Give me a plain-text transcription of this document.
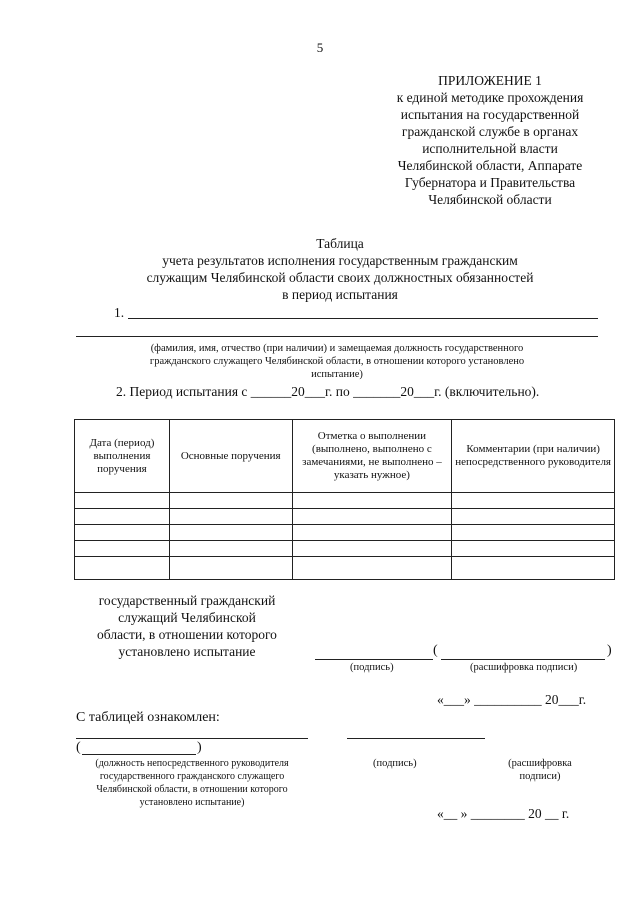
5
ПРИЛОЖЕНИЕ 1
к единой методике прохождения
испытания на государственной
гражданской службе в органах
исполнительной власти
Челябинской области, Аппарате
Губернатора и Правительства
Челябинской области
Таблица
учета результатов исполнения государственным гражданским
служащим Челябинской области своих должностных обязанностей
в период испытания
1.
(фамилия, имя, отчество (при наличии) и замещаемая должность государственного
гражданского служащего Челябинской области, в отношении которого установлено
испытание)
2. Период испытания с ______20___г. по _______20___г. (включительно).
Дата (период) выполнения поручения	Основные поручения	Отметка о выполнении (выполнено, выполнено с замечаниями, не выполнено – указать нужное)	Комментарии (при наличии) непосредственного руководителя

государственный гражданский
служащий Челябинской
области, в отношении которого
установлено испытание	(	)
(подпись)	(расшифровка подписи)
«___» __________ 20___г.
С таблицей ознакомлен:
(	)
(должность непосредственного руководителя
государственного гражданского служащего
Челябинской области, в отношении которого
установлено испытание)
(подпись)	(расшифровка
подписи)
«__ » ________ 20 __ г.
